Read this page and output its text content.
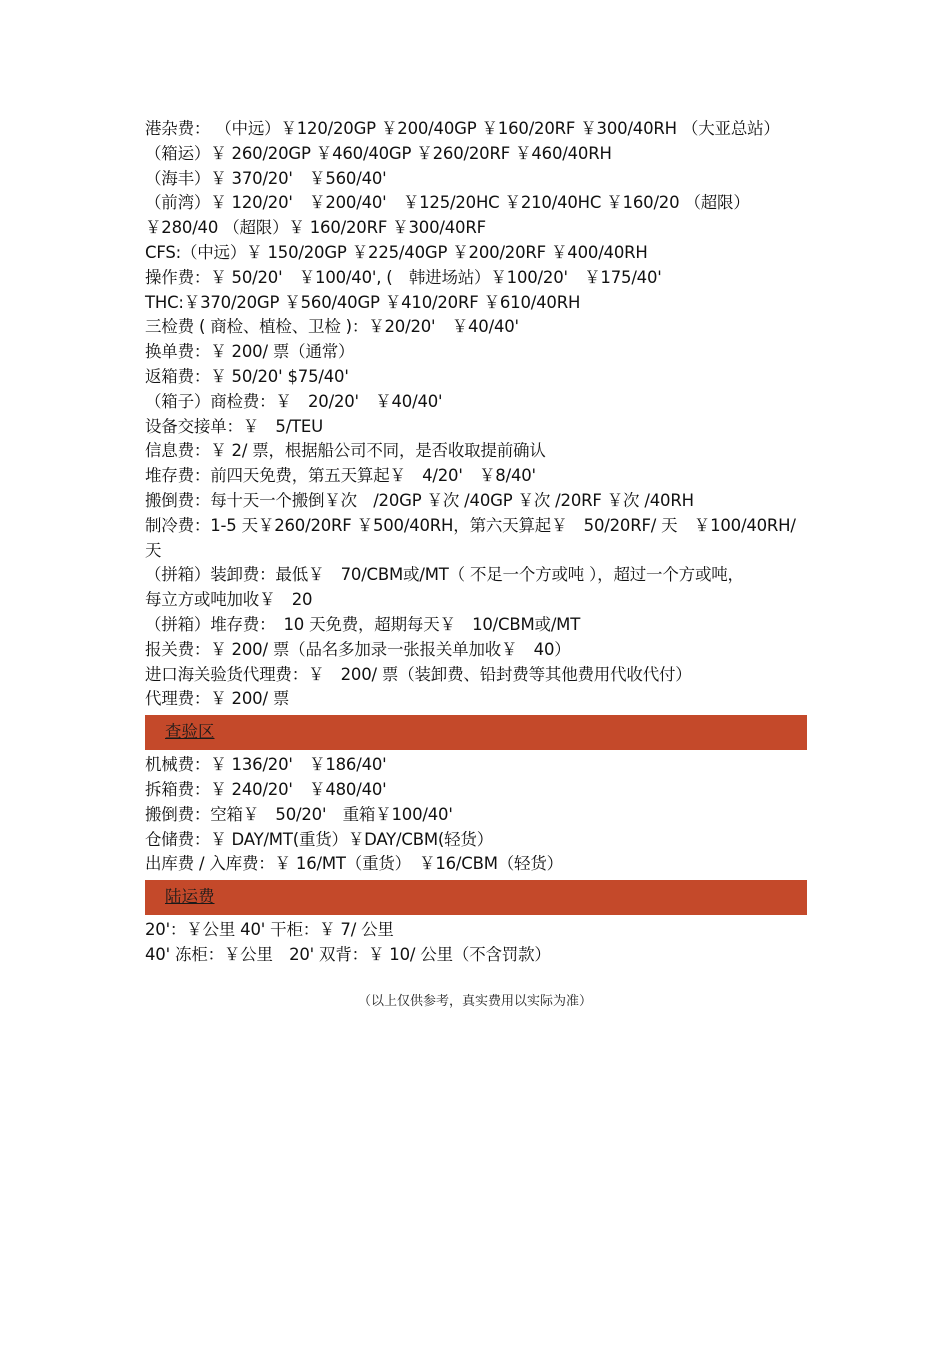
港杂费： （中远）￥120/20GP ￥200/40GP ￥160/20RF ￥300/40RH （大亚总站）
（箱运）￥ 260/20GP ￥460/40GP ￥260/20RF ￥460/40RH
（海丰）￥ 370/20'　￥560/40'
（前湾）￥ 120/20'　￥200/40'　￥125/20HC ￥210/40HC ￥160/20 （超限）
￥280/40 （超限）￥ 160/20RF ￥300/40RF
CFS:（中远）￥ 150/20GP ￥225/40GP ￥200/20RF ￥400/40RH
操作费：￥ 50/20'　￥100/40', (　韩进场站）￥100/20'　￥175/40'
THC:￥370/20GP ￥560/40GP ￥410/20RF ￥610/40RH
三检费 ( 商检、植检、卫检 )：￥20/20'　￥40/40'
换单费：￥ 200/ 票（通常）
返箱费：￥ 50/20' $75/40'
（箱子）商检费：￥　20/20'　￥40/40'
设备交接单：￥　5/TEU
信息费：￥ 2/ 票，根据船公司不同，是否收取提前确认
堆存费：前四天免费，第五天算起￥　4/20'　￥8/40'
搬倒费：每十天一个搬倒￥次　/20GP ￥次 /40GP ￥次 /20RF ￥次 /40RH
制冷费：1-5 天￥260/20RF ￥500/40RH，第六天算起￥　50/20RF/ 天　￥100/40RH/
天
（拼箱）装卸费：最低￥　70/CBM或/MT（ 不足一个方或吨 ），超过一个方或吨，
每立方或吨加收￥　20
（拼箱）堆存费：　10 天免费，超期每天￥　10/CBM或/MT
报关费：￥ 200/ 票（品名多加录一张报关单加收￥　40）
进口海关验货代理费：￥　200/ 票（装卸费、铅封费等其他费用代收代付）
代理费：￥ 200/ 票
查验区
机械费：￥ 136/20'　￥186/40'
拆箱费：￥ 240/20'　￥480/40'
搬倒费：空箱￥　50/20'　重箱￥100/40'
仓储费：￥ DAY/MT(重货）￥DAY/CBM(轻货）
出库费 / 入库费：￥ 16/MT（重货）　￥16/CBM（轻货）
陆运费
20'：￥公里 40' 干柜：￥ 7/ 公里
40' 冻柜：￥公里　20' 双背：￥ 10/ 公里（不含罚款）
（以上仅供参考，真实费用以实际为准）
